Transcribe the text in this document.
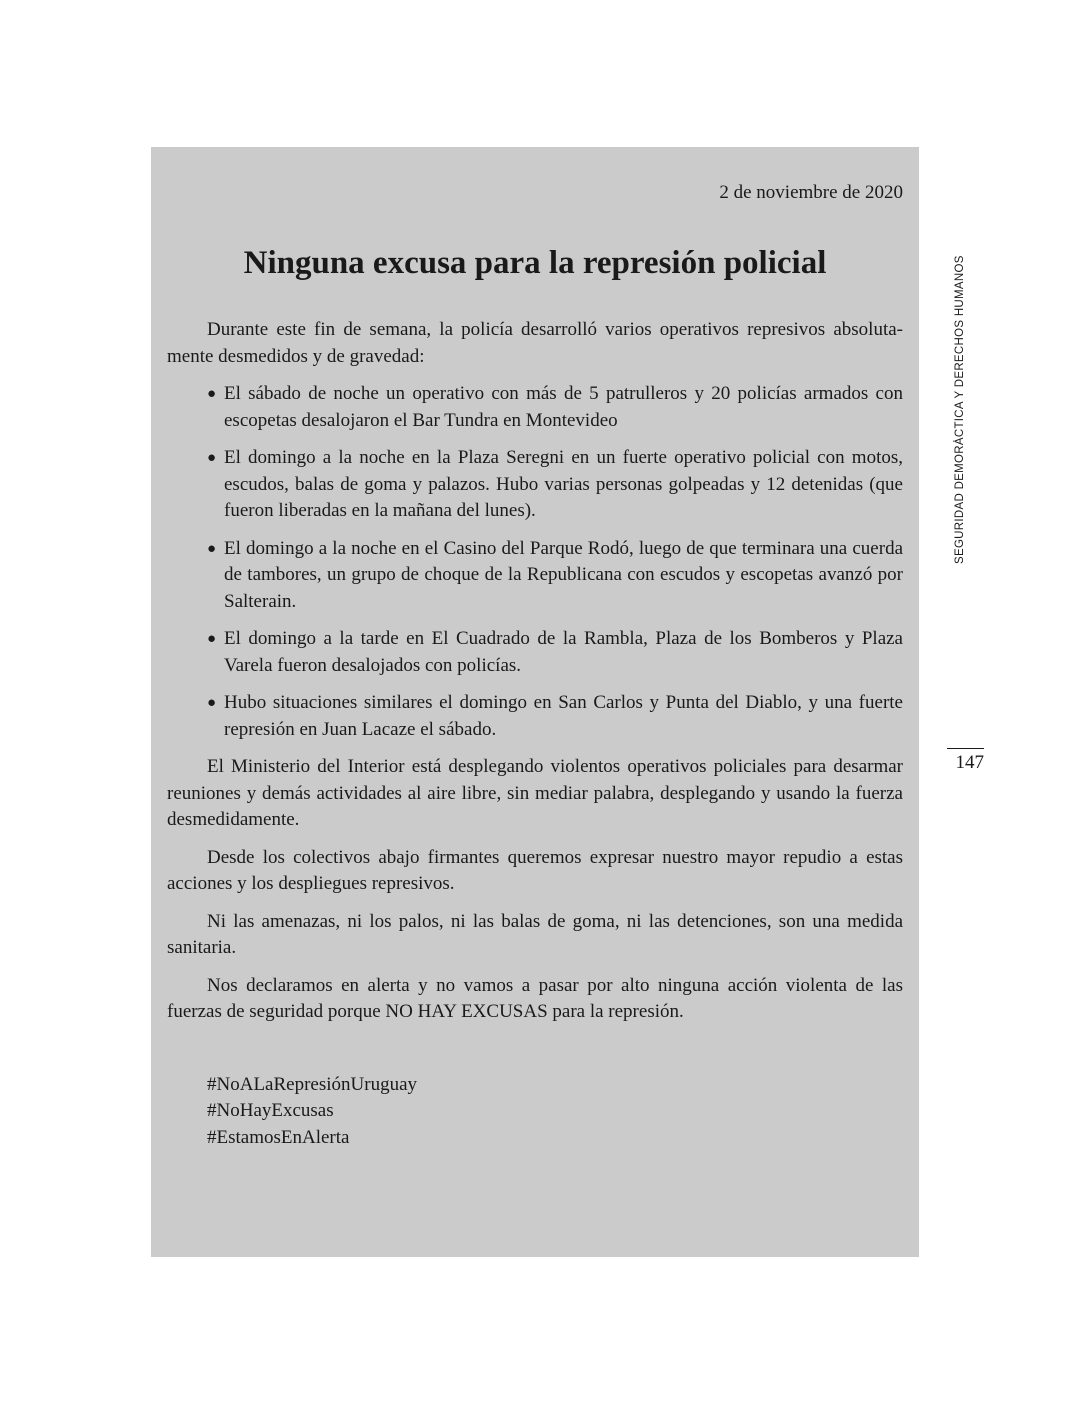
2 de noviembre de 2020

Ninguna excusa para la represión policial

Durante este fin de semana, la policía desarrolló varios operativos represivos absolutamente desmedidos y de gravedad:

● El sábado de noche un operativo con más de 5 patrulleros y 20 policías armados con escopetas desalojaron el Bar Tundra en Montevideo
● El domingo a la noche en la Plaza Seregni en un fuerte operativo policial con motos, escudos, balas de goma y palazos. Hubo varias personas golpeadas y 12 detenidas (que fueron liberadas en la mañana del lunes).
● El domingo a la noche en el Casino del Parque Rodó, luego de que terminara una cuerda de tambores, un grupo de choque de la Republicana con escudos y escopetas avanzó por Salterain.
● El domingo a la tarde en El Cuadrado de la Rambla, Plaza de los Bomberos y Plaza Varela fueron desalojados con policías.
● Hubo situaciones similares el domingo en San Carlos y Punta del Diablo, y una fuerte represión en Juan Lacaze el sábado.

El Ministerio del Interior está desplegando violentos operativos policiales para desarmar reuniones y demás actividades al aire libre, sin mediar palabra, desplegando y usando la fuerza desmedidamente.

Desde los colectivos abajo firmantes queremos expresar nuestro mayor repudio a estas acciones y los despliegues represivos.

Ni las amenazas, ni los palos, ni las balas de goma, ni las detenciones, son una medida sanitaria.

Nos declaramos en alerta y no vamos a pasar por alto ninguna acción violenta de las fuerzas de seguridad porque NO HAY EXCUSAS para la represión.

#NoALaRepresiónUruguay
#NoHayExcusas
#EstamosEnAlerta
SEGURIDAD DEMORÁCTICA Y DERECHOS HUMANOS
147
